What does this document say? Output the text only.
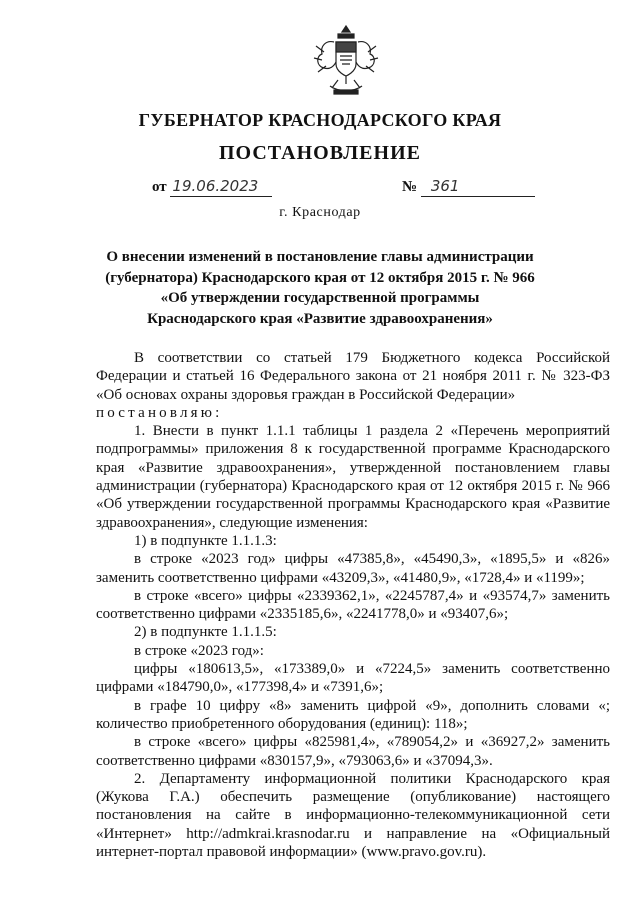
ГУБЕРНАТОР КРАСНОДАРСКОГО КРАЯ
ПОСТАНОВЛЕНИЕ
от 19.06.2023	№ 361
г. Краснодар
О внесении изменений в постановление главы администрации
(губернатора) Краснодарского края от 12 октября 2015 г. № 966
«Об утверждении государственной программы
Краснодарского края «Развитие здравоохранения»

В соответствии со статьей 179 Бюджетного кодекса Российской Федерации и статьей 16 Федерального закона от 21 ноября 2011 г. № 323-ФЗ «Об основах охраны здоровья граждан в Российской Федерации»

постановляю:

1. Внести в пункт 1.1.1 таблицы 1 раздела 2 «Перечень мероприятий подпрограммы» приложения 8 к государственной программе Краснодарского края «Развитие здравоохранения», утвержденной постановлением главы администрации (губернатора) Краснодарского края от 12 октября 2015 г. № 966 «Об утверждении государственной программы Краснодарского края «Развитие здравоохранения», следующие изменения:

1) в подпункте 1.1.1.3:

в строке «2023 год» цифры «47385,8», «45490,3», «1895,5» и «826» заменить соответственно цифрами «43209,3», «41480,9», «1728,4» и «1199»;

в строке «всего» цифры «2339362,1», «2245787,4» и «93574,7» заменить соответственно цифрами «2335185,6», «2241778,0» и «93407,6»;

2) в подпункте 1.1.1.5:

в строке «2023 год»:

цифры «180613,5», «173389,0» и «7224,5» заменить соответственно цифрами «184790,0», «177398,4» и «7391,6»;

в графе 10 цифру «8» заменить цифрой «9», дополнить словами «; количество приобретенного оборудования (единиц): 118»;

в строке «всего» цифры «825981,4», «789054,2» и «36927,2» заменить соответственно цифрами «830157,9», «793063,6» и «37094,3».

2. Департаменту информационной политики Краснодарского края (Жукова Г.А.) обеспечить размещение (опубликование) настоящего постановления на сайте в информационно-телекоммуникационной сети «Интернет» http://admkrai.krasnodar.ru и направление на «Официальный интернет-портал правовой информации» (www.pravo.gov.ru).
